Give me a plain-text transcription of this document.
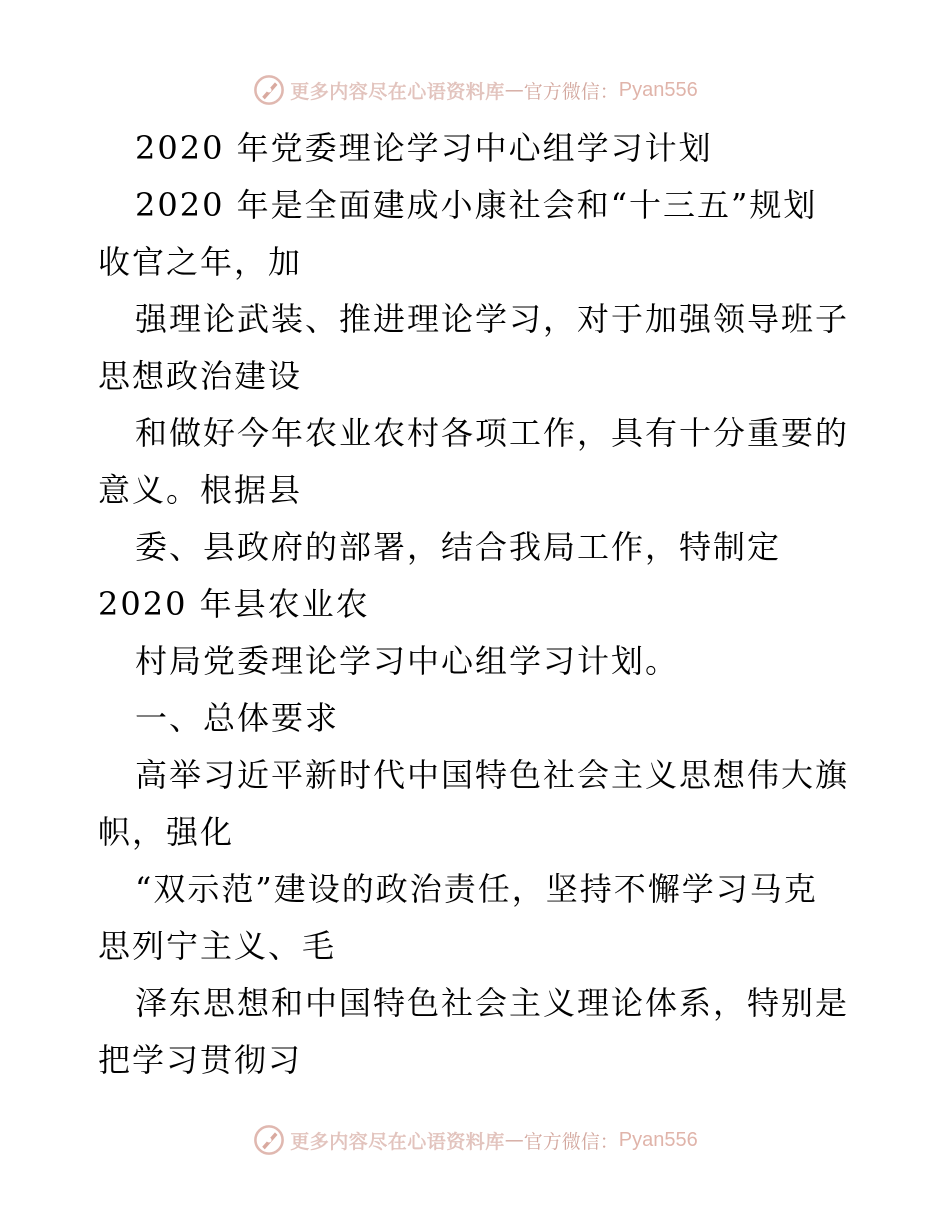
更多内容尽在心语资料库 — 官方微信： Pyan556
2020 年党委理论学习中心组学习计划
2020 年是全面建成小康社会和“十三五”规划
收官之年，加
强理论武装、推进理论学习，对于加强领导班子
思想政治建设
和做好今年农业农村各项工作，具有十分重要的
意义。根据县
委、县政府的部署，结合我局工作，特制定
2020 年县农业农
村局党委理论学习中心组学习计划。
一、总体要求
高举习近平新时代中国特色社会主义思想伟大旗
帜，强化
“双示范”建设的政治责任，坚持不懈学习马克
思列宁主义、毛
泽东思想和中国特色社会主义理论体系，特别是
把学习贯彻习
更多内容尽在心语资料库 — 官方微信： Pyan556
